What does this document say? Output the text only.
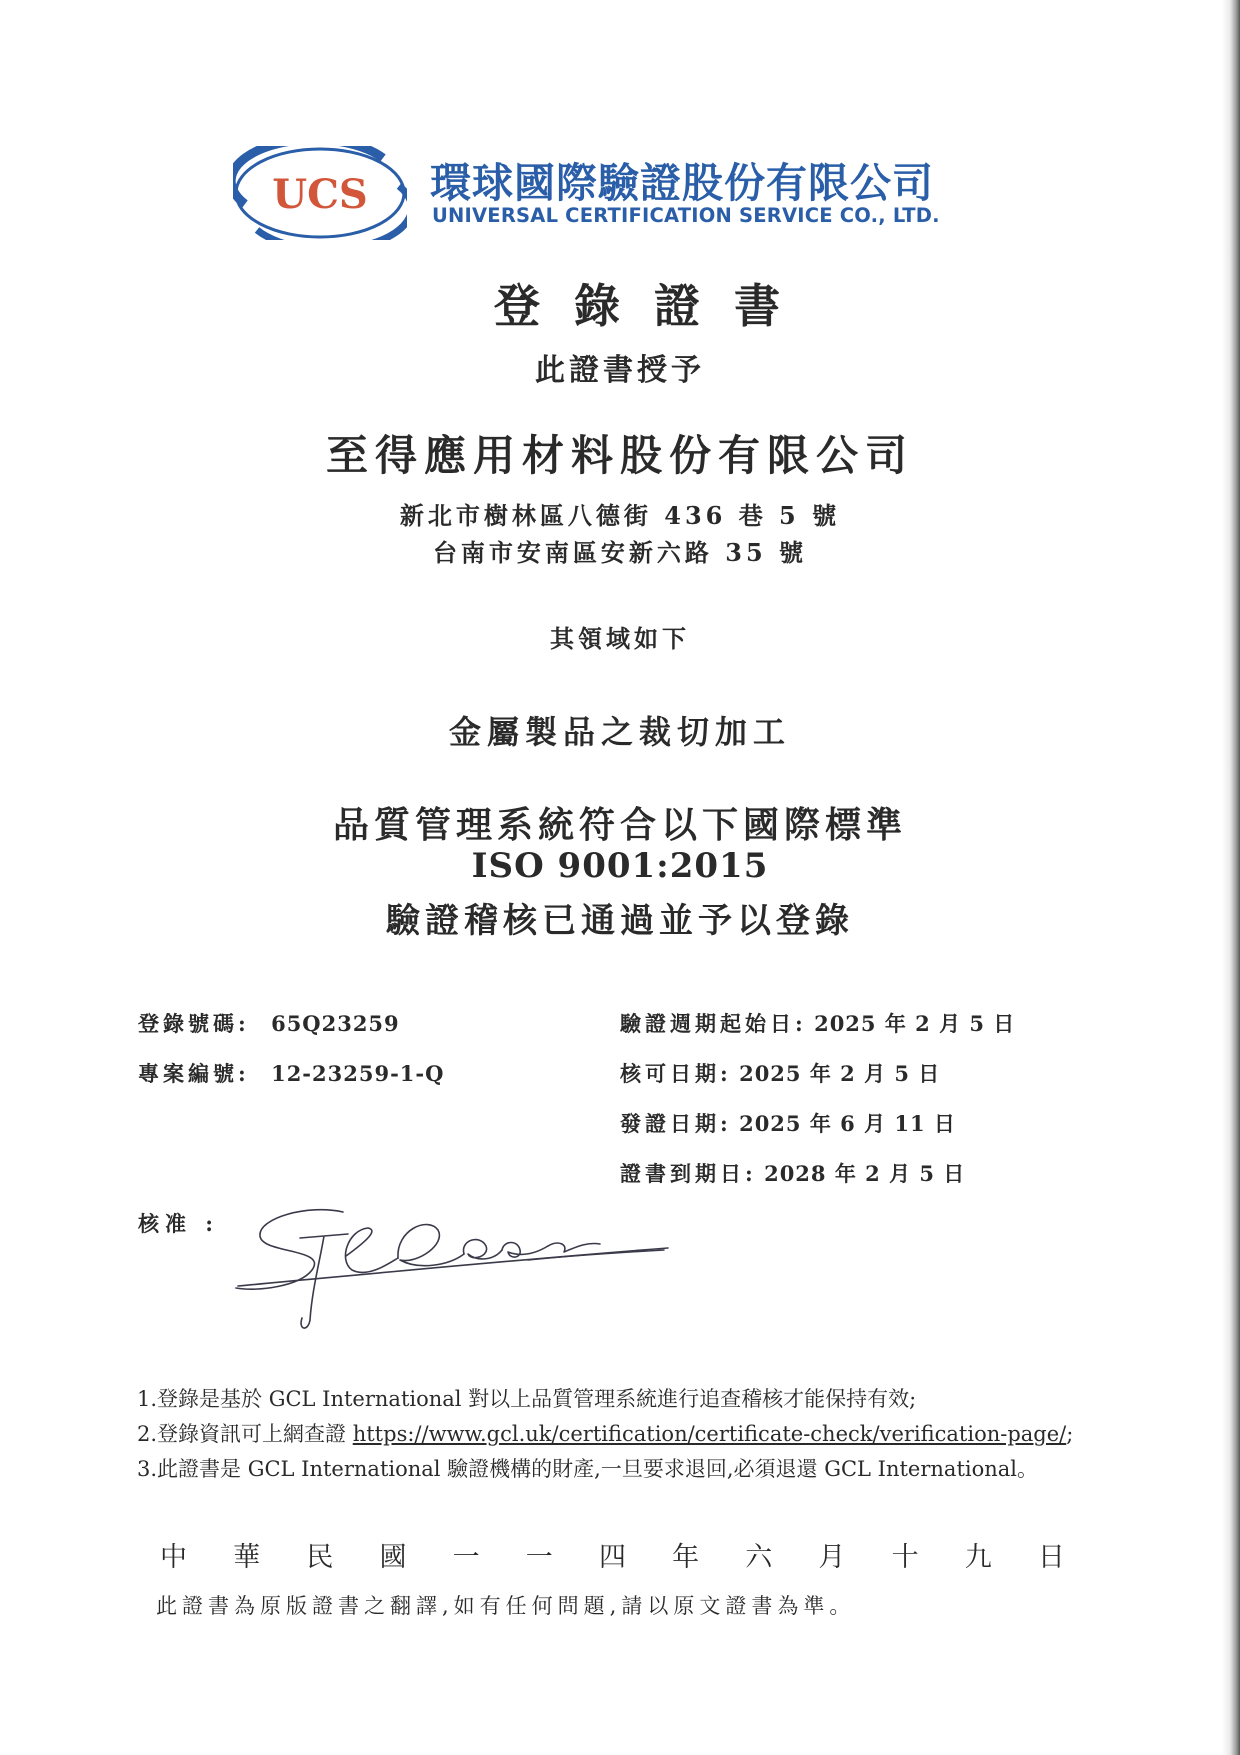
UCS 環球國際驗證股份有限公司
UNIVERSAL CERTIFICATION SERVICE CO., LTD.
登錄證書
此證書授予
至得應用材料股份有限公司
新北市樹林區八德街 436 巷 5 號
台南市安南區安新六路 35 號
其領域如下
金屬製品之裁切加工
品質管理系統符合以下國際標準
ISO 9001:2015
驗證稽核已通過並予以登錄
登錄號碼: 65Q23259
專案編號: 12-23259-1-Q
驗證週期起始日: 2025 年 2 月 5 日
核可日期: 2025 年 2 月 5 日
發證日期: 2025 年 6 月 11 日
證書到期日: 2028 年 2 月 5 日
核准 :
1.登錄是基於 GCL International 對以上品質管理系統進行追查稽核才能保持有效;
2.登錄資訊可上網查證 https://www.gcl.uk/certification/certificate-check/verification-page/;
3.此證書是 GCL International 驗證機構的財產,一旦要求退回,必須退還 GCL International。
中 華 民 國 一 一 四 年 六 月 十 九 日
此證書為原版證書之翻譯,如有任何問題,請以原文證書為準。
